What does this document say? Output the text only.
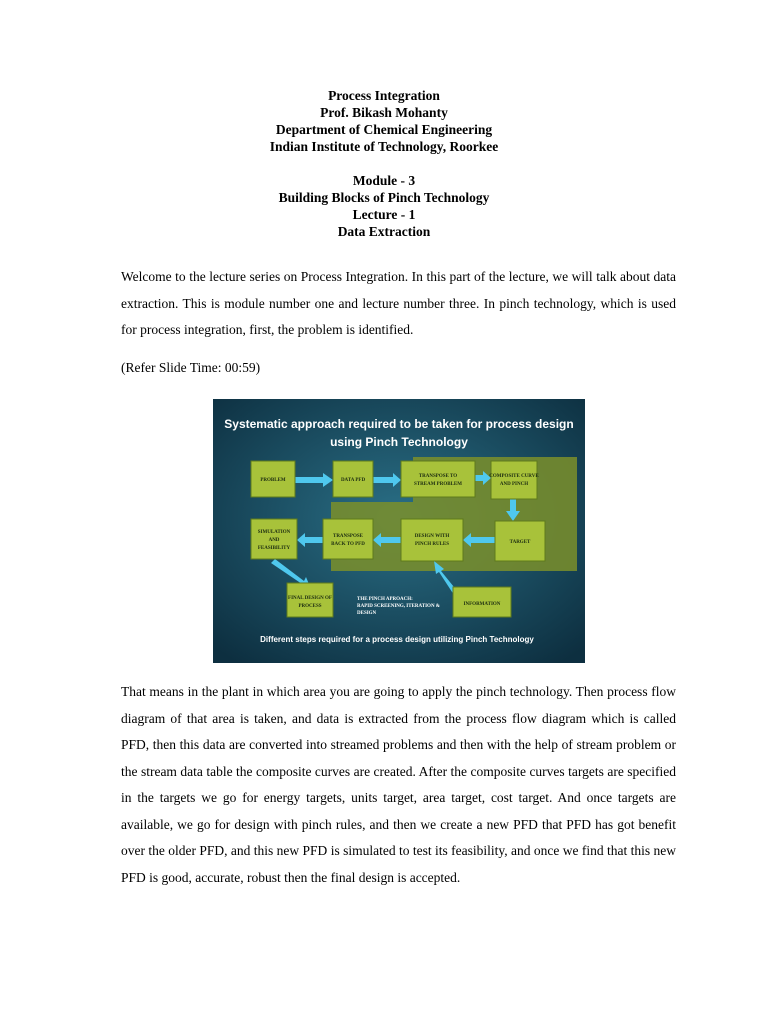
Process Integration
Prof. Bikash Mohanty
Department of Chemical Engineering
Indian Institute of Technology, Roorkee
Module - 3
Building Blocks of Pinch Technology
Lecture - 1
Data Extraction

Welcome to the lecture series on Process Integration. In this part of the lecture, we will talk about data extraction. This is module number one and lecture number three. In pinch technology, which is used for process integration, first, the problem is identified.

(Refer Slide Time: 00:59)
Systematic approach required to be taken for process design
using Pinch Technology
PROBLEM	DATA PFD
TRANSPOSE TO
STREAM PROBLEM
COMPOSITE CURVE
AND PINCH
TARGET
DESIGN WITH
PINCH RULES
TRANSPOSE
BACK TO PFD
SIMULATION
AND
FEASIBILITY
FINAL DESIGN OF
PROCESS	INFORMATION
THE PINCH APROACH:
RAPID SCREENING, ITERATION &
DESIGN
Different steps required for a process design utilizing Pinch Technology

That means in the plant in which area you are going to apply the pinch technology. Then process flow diagram of that area is taken, and data is extracted from the process flow diagram which is called PFD, then this data are converted into streamed problems and then with the help of stream problem or the stream data table the composite curves are created. After the composite curves targets are specified in the targets we go for energy targets, units target, area target, cost target. And once targets are available, we go for design with pinch rules, and then we create a new PFD that PFD has got benefit over the older PFD, and this new PFD is simulated to test its feasibility, and once we find that this new PFD is good, accurate, robust then the final design is accepted.
